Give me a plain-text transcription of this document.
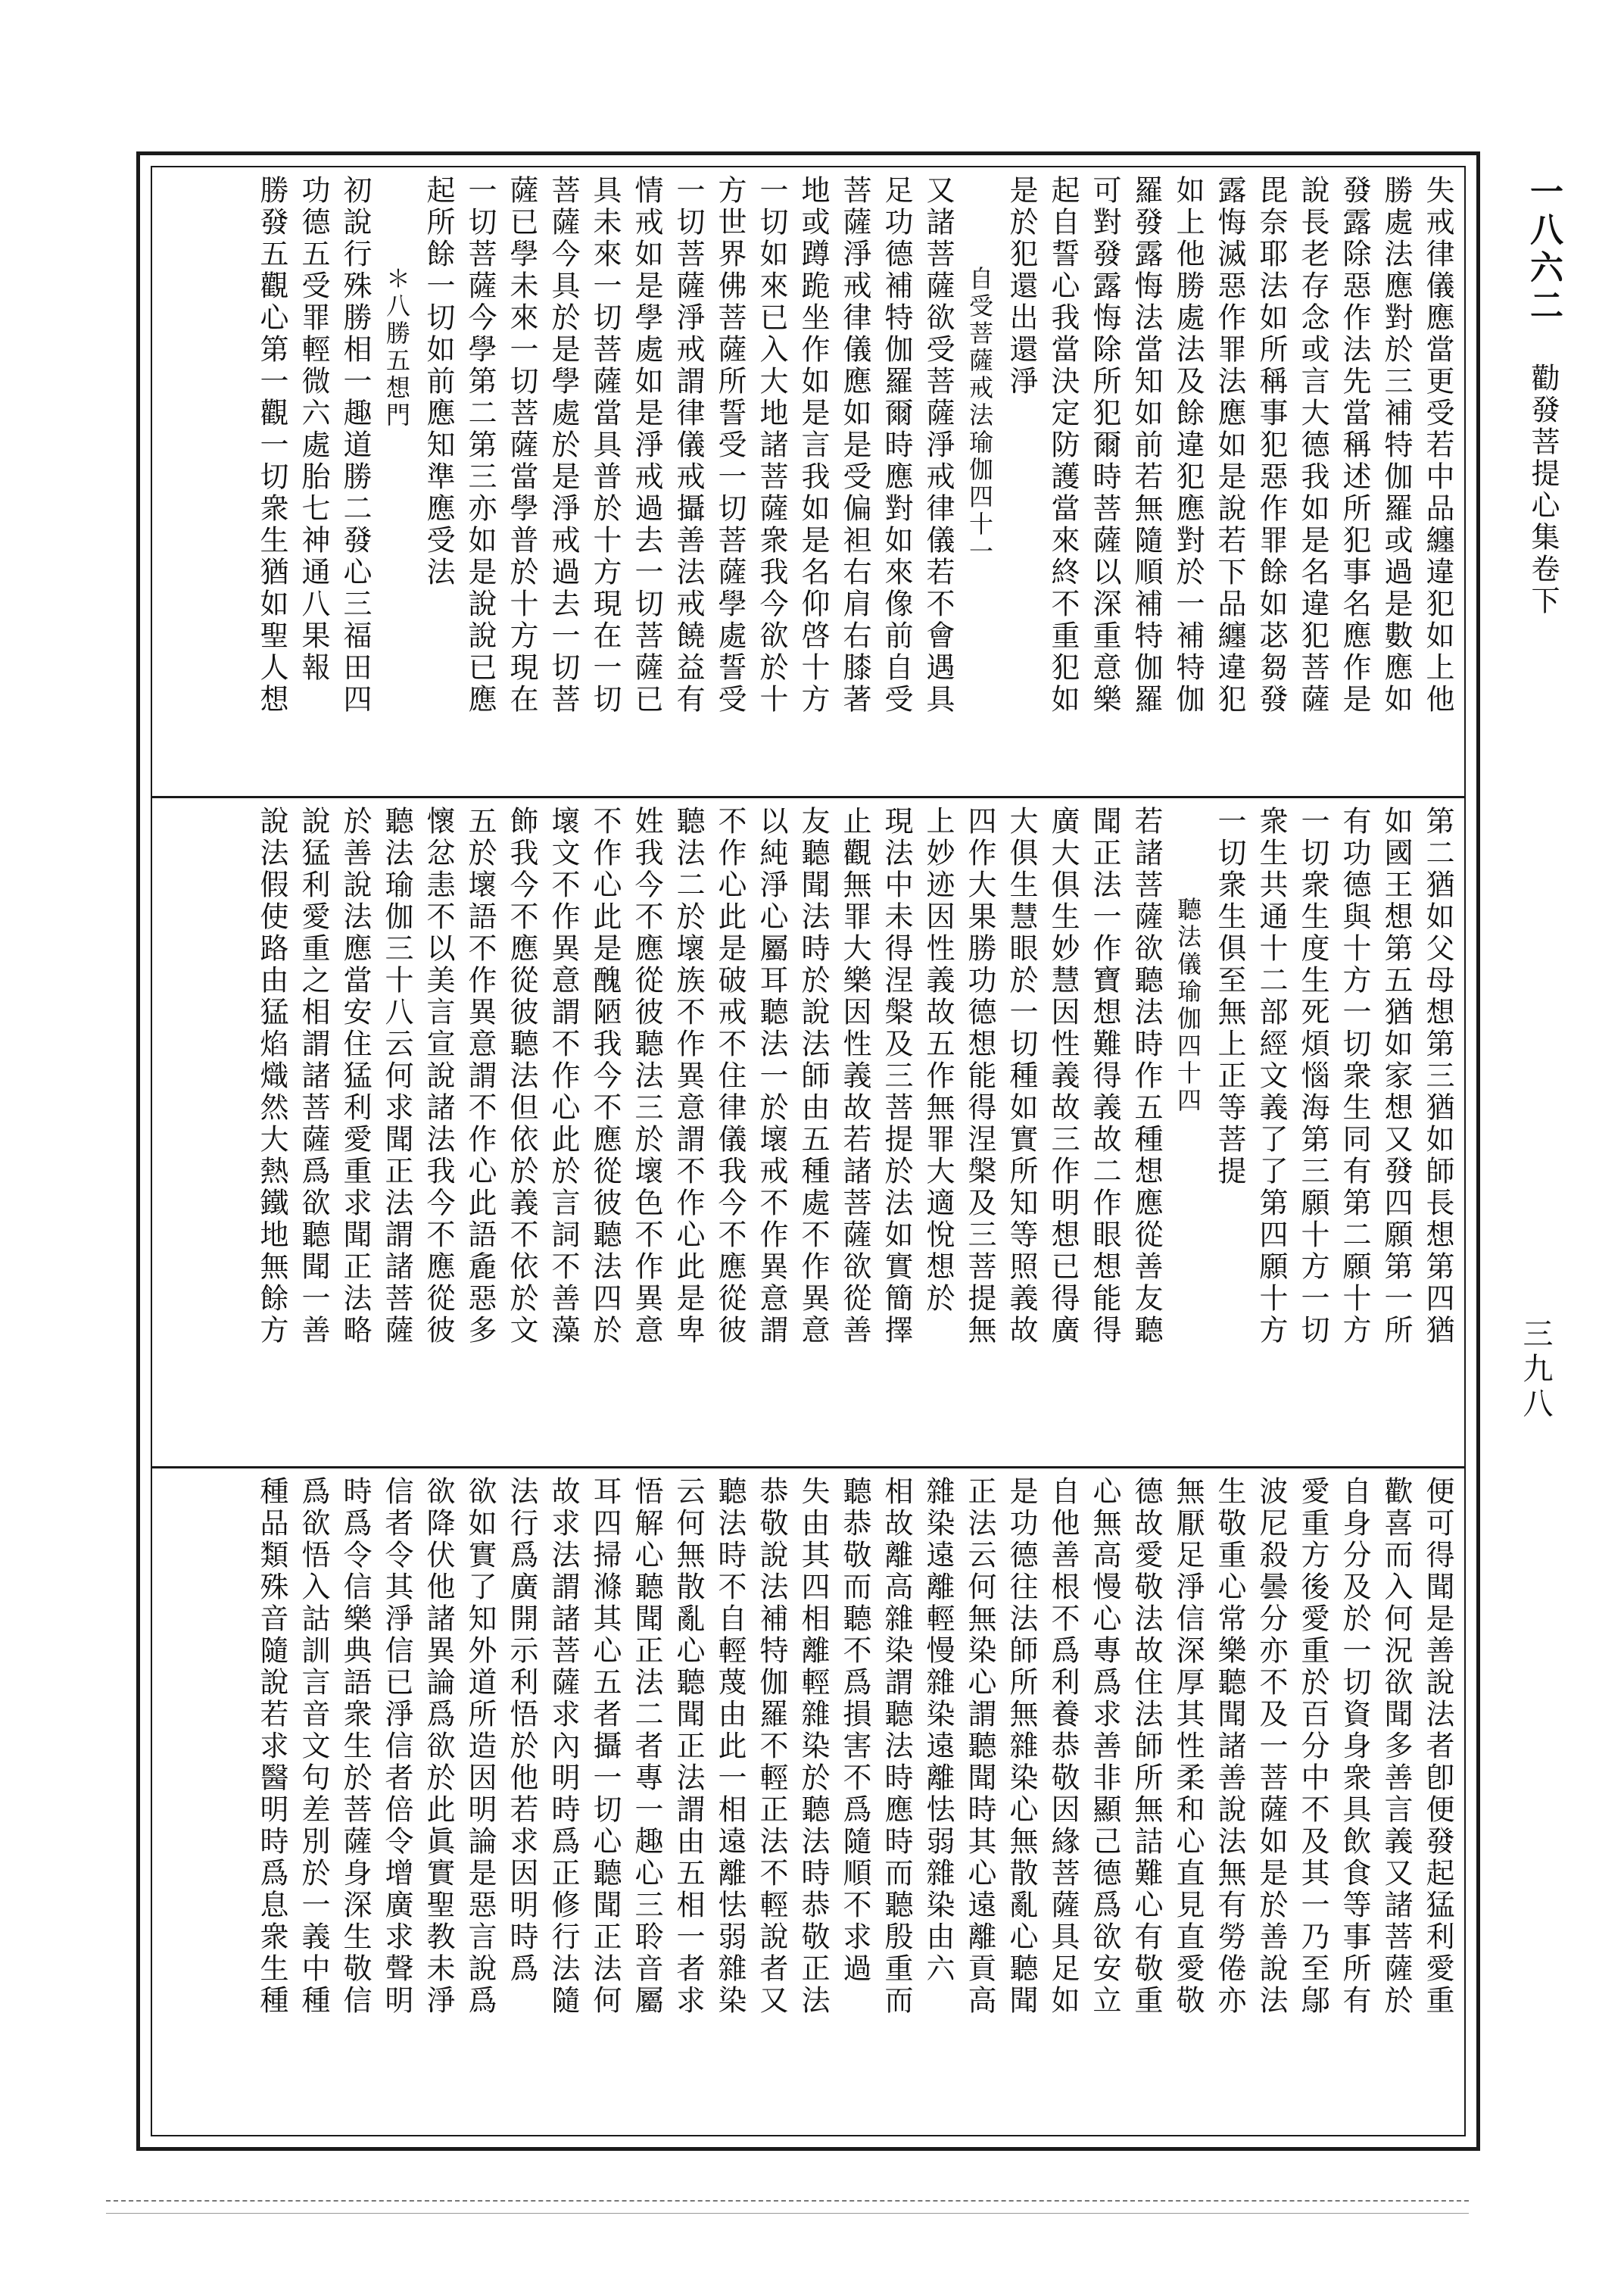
失戒律儀應當更受若中品纏違犯如上他
勝處法應對於三補特伽羅或過是數應如
發露除惡作法先當稱述所犯事名應作是
說長老存念或言大德我如是名違犯菩薩
毘奈耶法如所稱事犯惡作罪餘如苾芻發
露悔滅惡作罪法應如是說若下品纏違犯
如上他勝處法及餘違犯應對於一補特伽
羅發露悔法當知如前若無隨順補特伽羅
可對發露悔除所犯爾時菩薩以深重意樂
起自誓心我當決定防護當來終不重犯如
是於犯還出還淨
自受菩薩戒法瑜伽四十一
又諸菩薩欲受菩薩淨戒律儀若不會遇具
足功德補特伽羅爾時應對如來像前自受
菩薩淨戒律儀應如是受偏袒右肩右膝著
地或蹲跪坐作如是言我如是名仰啓十方
一切如來已入大地諸菩薩衆我今欲於十
方世界佛菩薩所誓受一切菩薩學處誓受
一切菩薩淨戒謂律儀戒攝善法戒饒益有
情戒如是學處如是淨戒過去一切菩薩已
具未來一切菩薩當具普於十方現在一切
菩薩今具於是學處於是淨戒過去一切菩
薩已學未來一切菩薩當學普於十方現在
一切菩薩今學第二第三亦如是說說已應
起所餘一切如前應知準應受法
＊八勝五想門
初說行殊勝相一趣道勝二發心三福田四
功德五受罪輕微六處胎七神通八果報
勝發五觀心第一觀一切衆生猶如聖人想
第二猶如父母想第三猶如師長想第四猶
如國王想第五猶如家想又發四願第一所
有功德與十方一切衆生同有第二願十方
一切衆生度生死煩惱海第三願十方一切
衆生共通十二部經文義了了第四願十方
一切衆生俱至無上正等菩提
聽法儀瑜伽四十四
若諸菩薩欲聽法時作五種想應從善友聽
聞正法一作寶想難得義故二作眼想能得
廣大俱生妙慧因性義故三作明想已得廣
大俱生慧眼於一切種如實所知等照義故
四作大果勝功德想能得涅槃及三菩提無
上妙迹因性義故五作無罪大適悅想於
現法中未得涅槃及三菩提於法如實簡擇
止觀無罪大樂因性義故若諸菩薩欲從善
友聽聞法時於說法師由五種處不作異意
以純淨心屬耳聽法一於壞戒不作異意謂
不作心此是破戒不住律儀我今不應從彼
聽法二於壞族不作異意謂不作心此是卑
姓我今不應從彼聽法三於壞色不作異意
不作心此是醜陋我今不應從彼聽法四於
壞文不作異意謂不作心此於言詞不善藻
飾我今不應從彼聽法但依於義不依於文
五於壞語不作異意謂不作心此語麁惡多
懷忿恚不以美言宣說諸法我今不應從彼
聽法瑜伽三十八云何求聞正法謂諸菩薩
於善說法應當安住猛利愛重求聞正法略
說猛利愛重之相謂諸菩薩爲欲聽聞一善
說法假使路由猛焰熾然大熱鐵地無餘方
便可得聞是善說法者卽便發起猛利愛重
歡喜而入何況欲聞多善言義又諸菩薩於
自身分及於一切資身衆具飲食等事所有
愛重方後愛重於百分中不及其一乃至鄔
波尼殺曇分亦不及一菩薩如是於善說法
生敬重心常樂聽聞諸善說法無有勞倦亦
無厭足淨信深厚其性柔和心直見直愛敬
德故愛敬法故住法師所無詰難心有敬重
心無高慢心專爲求善非顯己德爲欲安立
自他善根不爲利養恭敬因緣菩薩具足如
是功德往法師所無雜染心無散亂心聽聞
正法云何無染心謂聽聞時其心遠離貢高
雜染遠離輕慢雜染遠離怯弱雜染由六
相故離高雜染謂聽法時應時而聽殷重而
聽恭敬而聽不爲損害不爲隨順不求過
失由其四相離輕雜染於聽法時恭敬正法
恭敬說法補特伽羅不輕正法不輕說者又
聽法時不自輕蔑由此一相遠離怯弱雜染
云何無散亂心聽聞正法謂由五相一者求
悟解心聽聞正法二者專一趣心三聆音屬
耳四掃滌其心五者攝一切心聽聞正法何
故求法謂諸菩薩求內明時爲正修行法隨
法行爲廣開示利悟於他若求因明時爲
欲如實了知外道所造因明論是惡言說爲
欲降伏他諸異論爲欲於此眞實聖教未淨
信者令其淨信已淨信者倍令增廣求聲明
時爲令信樂典語衆生於菩薩身深生敬信
爲欲悟入詁訓言音文句差別於一義中種
種品類殊音隨說若求醫明時爲息衆生種
一八六二 勸發菩提心集卷下
三九八
